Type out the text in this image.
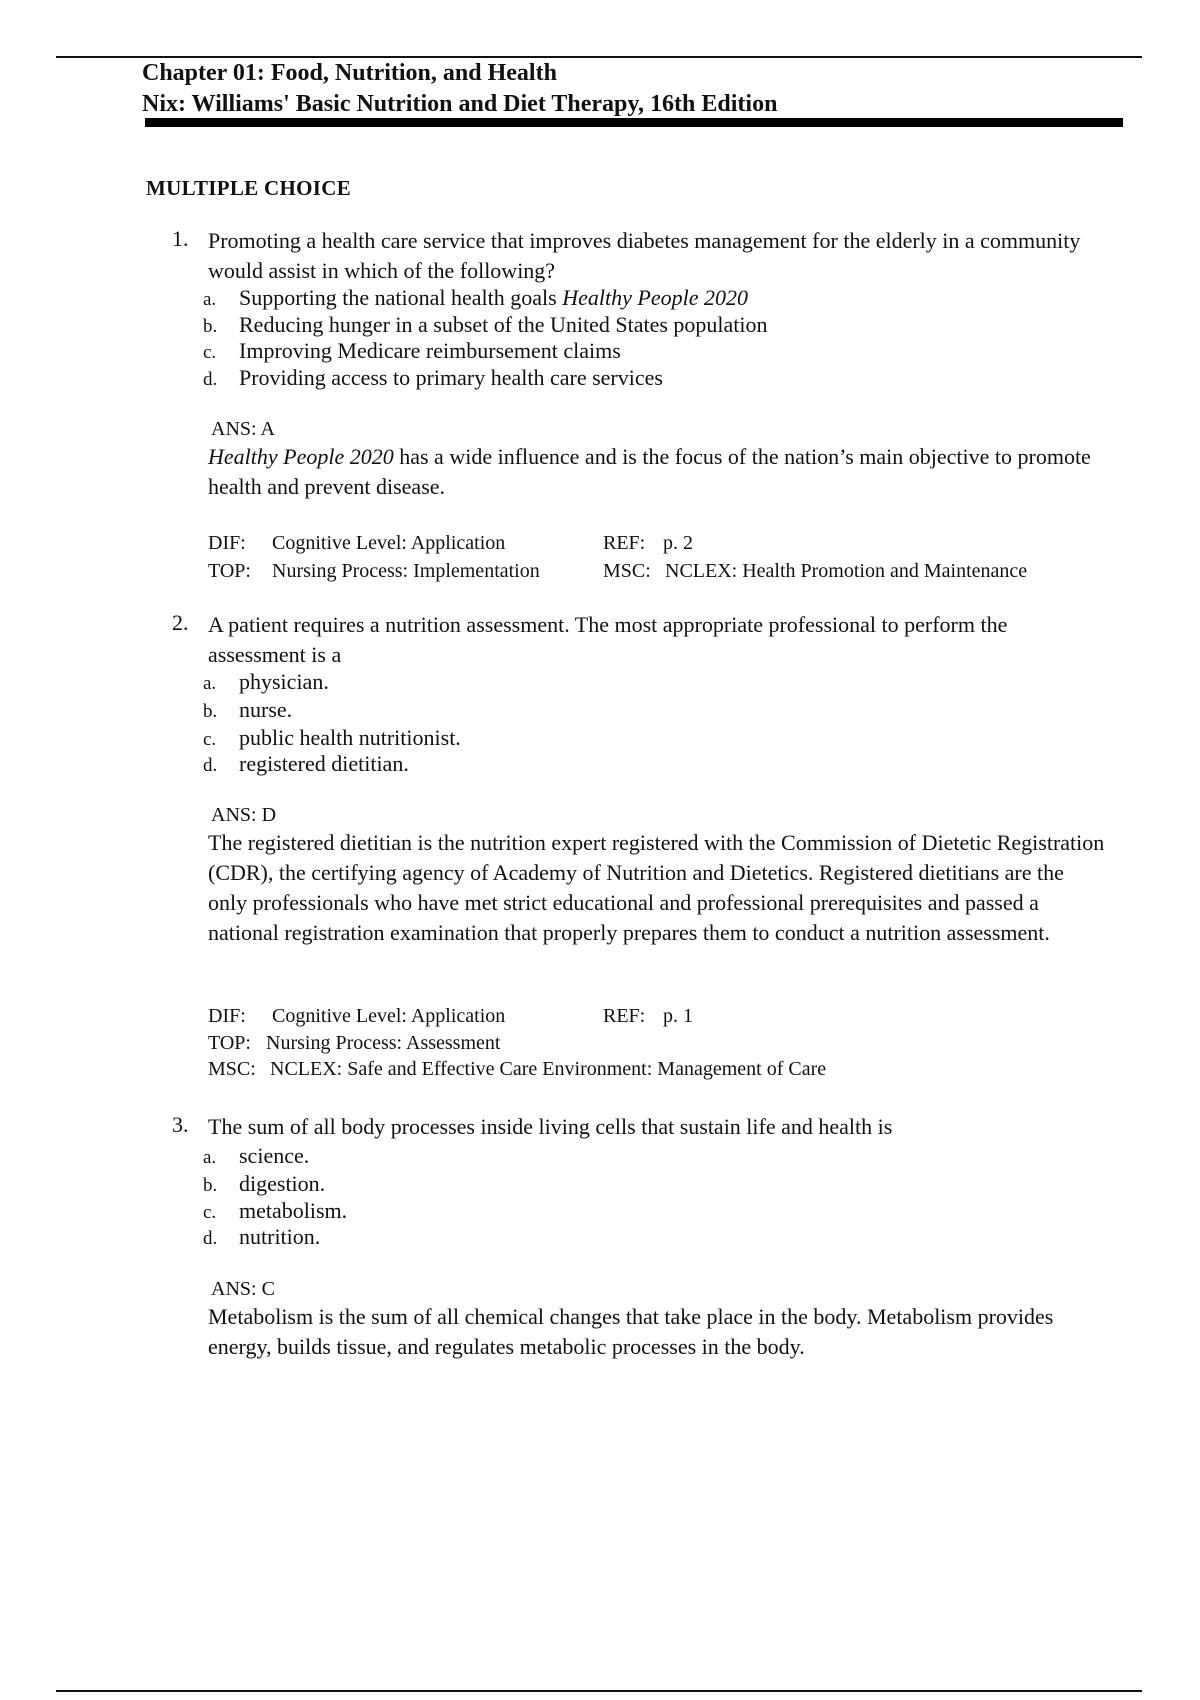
Chapter 01: Food, Nutrition, and Health
Nix: Williams' Basic Nutrition and Diet Therapy, 16th Edition
MULTIPLE CHOICE
1. Promoting a health care service that improves diabetes management for the elderly in a community would assist in which of the following?
a. Supporting the national health goals Healthy People 2020
b. Reducing hunger in a subset of the United States population
c. Improving Medicare reimbursement claims
d. Providing access to primary health care services
ANS: A
Healthy People 2020 has a wide influence and is the focus of the nation’s main objective to promote health and prevent disease.
DIF: Cognitive Level: Application	REF: p. 2
TOP: Nursing Process: Implementation	MSC: NCLEX: Health Promotion and Maintenance
2. A patient requires a nutrition assessment. The most appropriate professional to perform the assessment is a
a. physician.
b. nurse.
c. public health nutritionist.
d. registered dietitian.
ANS: D
The registered dietitian is the nutrition expert registered with the Commission of Dietetic Registration (CDR), the certifying agency of Academy of Nutrition and Dietetics. Registered dietitians are the only professionals who have met strict educational and professional prerequisites and passed a national registration examination that properly prepares them to conduct a nutrition assessment.
DIF: Cognitive Level: Application	REF: p. 1
TOP: Nursing Process: Assessment
MSC: NCLEX: Safe and Effective Care Environment: Management of Care
3. The sum of all body processes inside living cells that sustain life and health is
a. science.
b. digestion.
c. metabolism.
d. nutrition.
ANS: C
Metabolism is the sum of all chemical changes that take place in the body. Metabolism provides energy, builds tissue, and regulates metabolic processes in the body.
